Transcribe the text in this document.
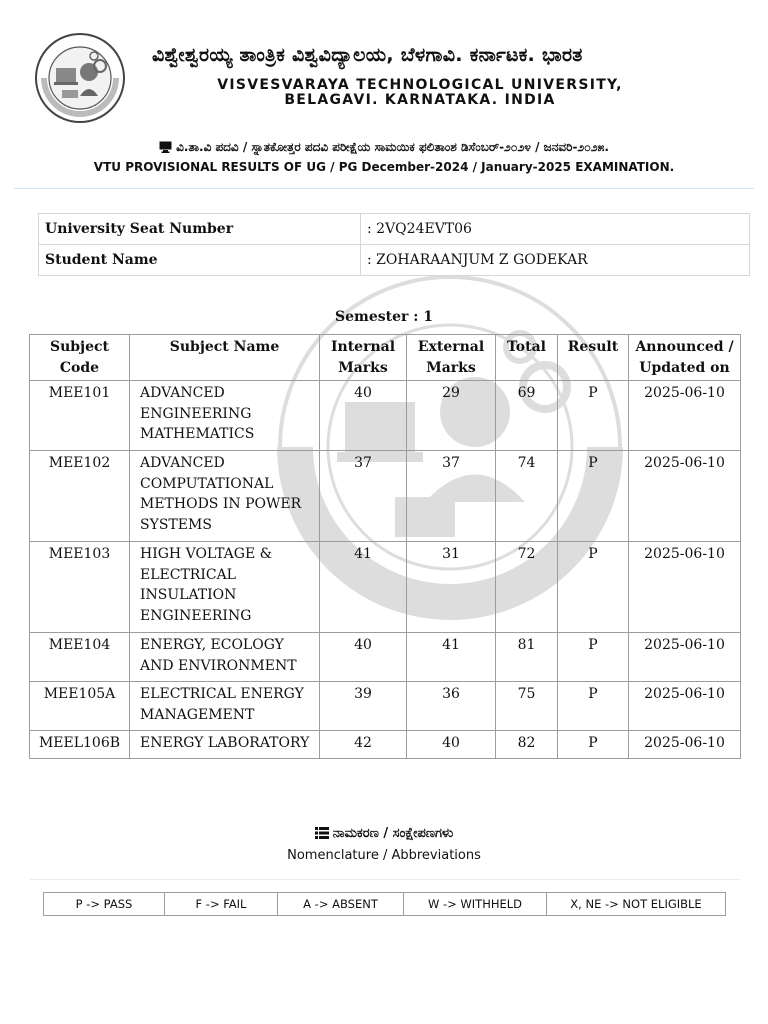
ವಿಶ್ವೇಶ್ವರಯ್ಯ ತಾಂತ್ರಿಕ ವಿಶ್ವವಿದ್ಯಾಲಯ, ಬೆಳಗಾವಿ. ಕರ್ನಾಟಕ. ಭಾರತ
VISVESVARAYA TECHNOLOGICAL UNIVERSITY,
BELAGAVI. KARNATAKA. INDIA
ವಿ.ತಾ.ವಿ ಪದವಿ / ಸ್ನಾತಕೋತ್ತರ ಪದವಿ ಪರೀಕ್ಷೆಯ ಸಾಮಯಿಕ ಫಲಿತಾಂಶ ಡಿಸೆಂಬರ್-೨೦೨೪ / ಜನವರಿ-೨೦೨೫.
VTU PROVISIONAL RESULTS OF UG / PG December-2024 / January-2025 EXAMINATION.
University Seat Number	: 2VQ24EVT06
Student Name	: ZOHARAANJUM Z GODEKAR
Semester : 1
Subject Code	Subject Name	Internal Marks	External Marks	Total	Result	Announced / Updated on
MEE101	ADVANCED ENGINEERING MATHEMATICS	40	29	69	P	2025-06-10
MEE102	ADVANCED COMPUTATIONAL METHODS IN POWER SYSTEMS	37	37	74	P	2025-06-10
MEE103	HIGH VOLTAGE & ELECTRICAL INSULATION ENGINEERING	41	31	72	P	2025-06-10
MEE104	ENERGY, ECOLOGY AND ENVIRONMENT	40	41	81	P	2025-06-10
MEE105A	ELECTRICAL ENERGY MANAGEMENT	39	36	75	P	2025-06-10
MEEL106B	ENERGY LABORATORY	42	40	82	P	2025-06-10
ನಾಮಕರಣ / ಸಂಕ್ಷೇಪಣಗಳು
Nomenclature / Abbreviations
P -> PASS	F -> FAIL	A -> ABSENT	W -> WITHHELD	X, NE -> NOT ELIGIBLE
